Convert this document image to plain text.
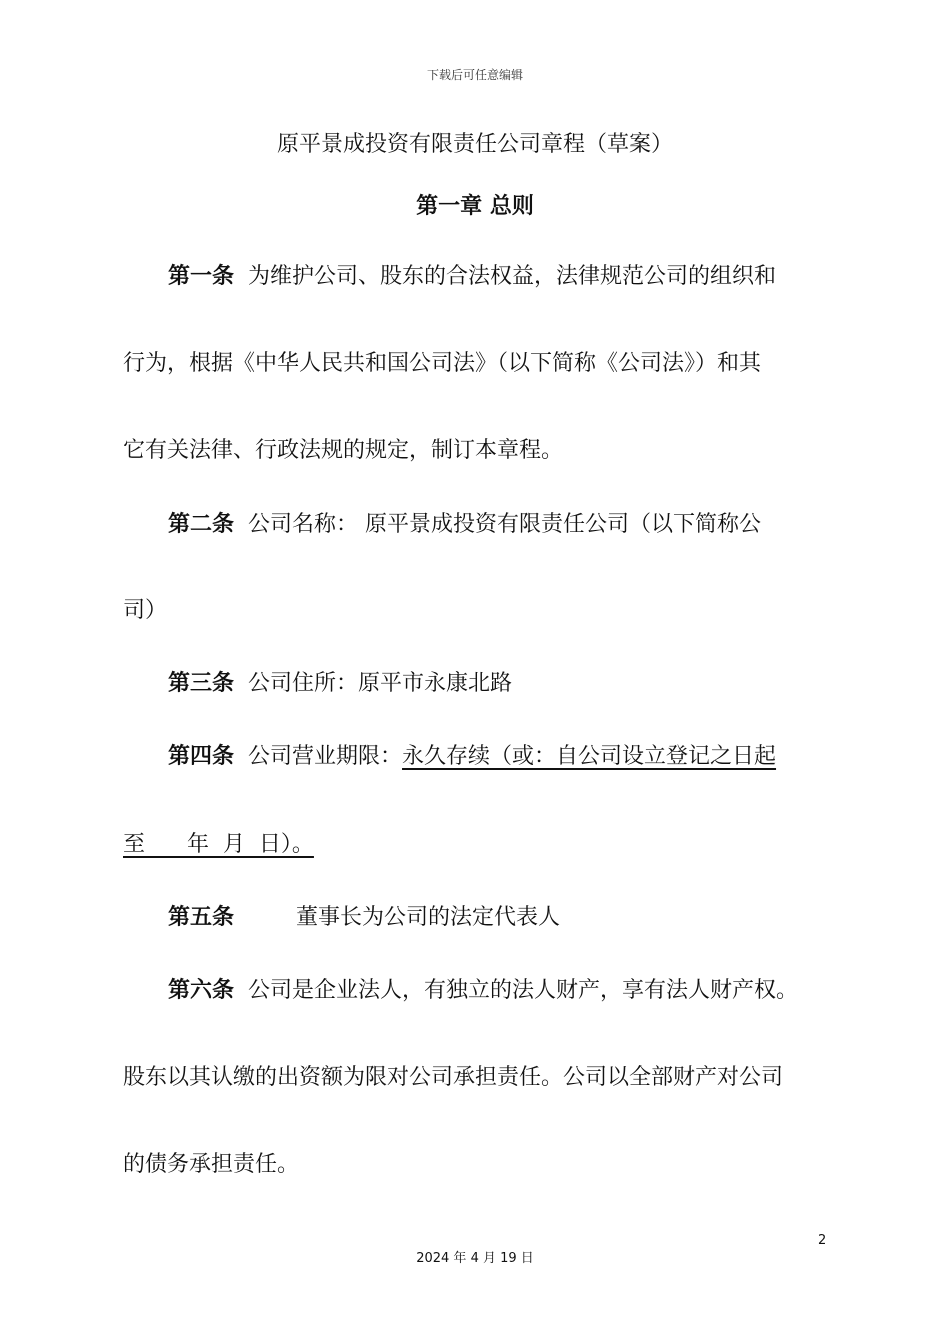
下载后可任意编辑
原平景成投资有限责任公司章程（草案）
第一章 总则
第一条 为维护公司、股东的合法权益，法律规范公司的组织和
行为，根据《中华人民共和国公司法》（以下简称《公司法》）和其
它有关法律、行政法规的规定，制订本章程。
第二条 公司名称： 原平景成投资有限责任公司（以下简称公
司）
第三条 公司住所：原平市永康北路
第四条 公司营业期限：永久存续（或：自公司设立登记之日起
至      年  月  日）。
第五条	董事长为公司的法定代表人
第六条 公司是企业法人，有独立的法人财产，享有法人财产权。
股东以其认缴的出资额为限对公司承担责任。公司以全部财产对公司
的债务承担责任。
2
2024 年 4 月 19 日
